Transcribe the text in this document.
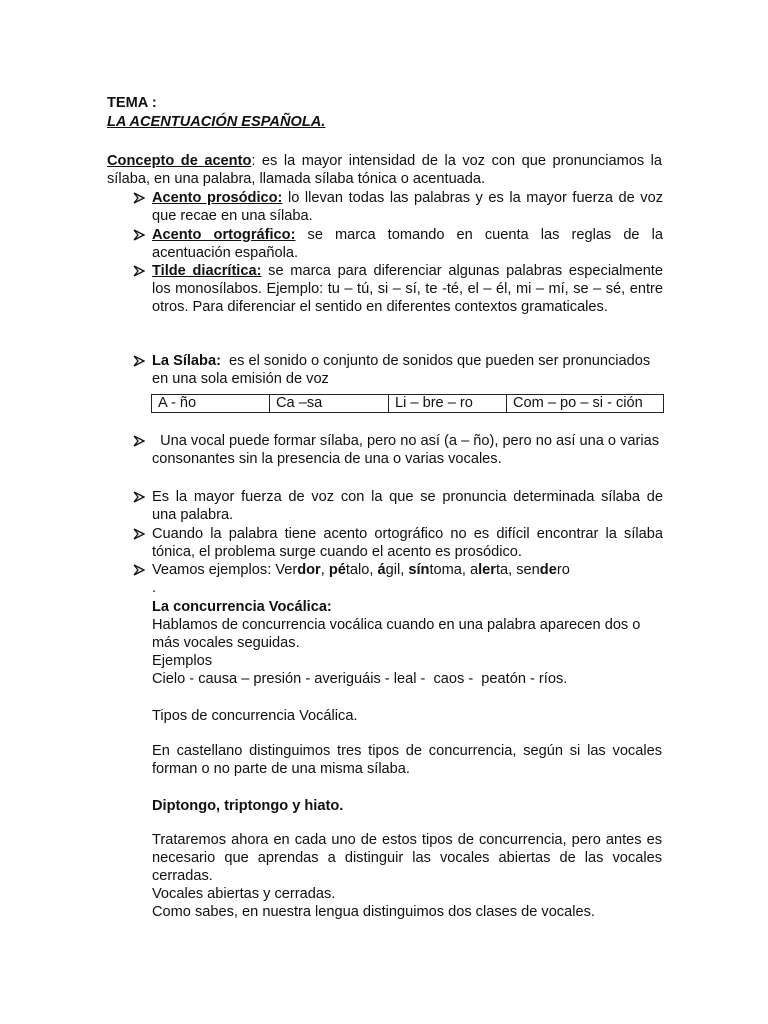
TEMA :
LA ACENTUACIÓN ESPAÑOLA.
Concepto de acento: es la mayor intensidad de la voz con que pronunciamos la
sílaba, en una palabra, llamada sílaba tónica o acentuada.
Acento prosódico: lo llevan todas las palabras y es la mayor fuerza de voz
que recae en una sílaba.
Acento ortográfico: se marca tomando en cuenta las reglas de la
acentuación española.
Tilde diacrítica: se marca para diferenciar algunas palabras especialmente
los monosílabos. Ejemplo: tu – tú, si – sí, te -té, el – él, mi – mí, se – sé, entre
otros. Para diferenciar el sentido en diferentes contextos gramaticales.
La Sílaba:  es el sonido o conjunto de sonidos que pueden ser pronunciados
en una sola emisión de voz
A - ño	Ca –sa	Li – bre – ro	Com – po – si - ción
Una vocal puede formar sílaba, pero no así (a – ño), pero no así una o varias
consonantes sin la presencia de una o varias vocales.
Es la mayor fuerza de voz con la que se pronuncia determinada sílaba de
una palabra.
Cuando la palabra tiene acento ortográfico no es difícil encontrar la sílaba
tónica, el problema surge cuando el acento es prosódico.
Veamos ejemplos: Verdor, pétalo, ágil, síntoma, alerta, sendero
.
La concurrencia Vocálica:
Hablamos de concurrencia vocálica cuando en una palabra aparecen dos o
más vocales seguidas.
Ejemplos
Cielo - causa – presión - averiguáis - leal -  caos -  peatón - ríos.
Tipos de concurrencia Vocálica.
En castellano distinguimos tres tipos de concurrencia, según si las vocales
forman o no parte de una misma sílaba.
Diptongo, triptongo y hiato.
Trataremos ahora en cada uno de estos tipos de concurrencia, pero antes es
necesario que aprendas a distinguir las vocales abiertas de las vocales
cerradas.
Vocales abiertas y cerradas.
Como sabes, en nuestra lengua distinguimos dos clases de vocales.
